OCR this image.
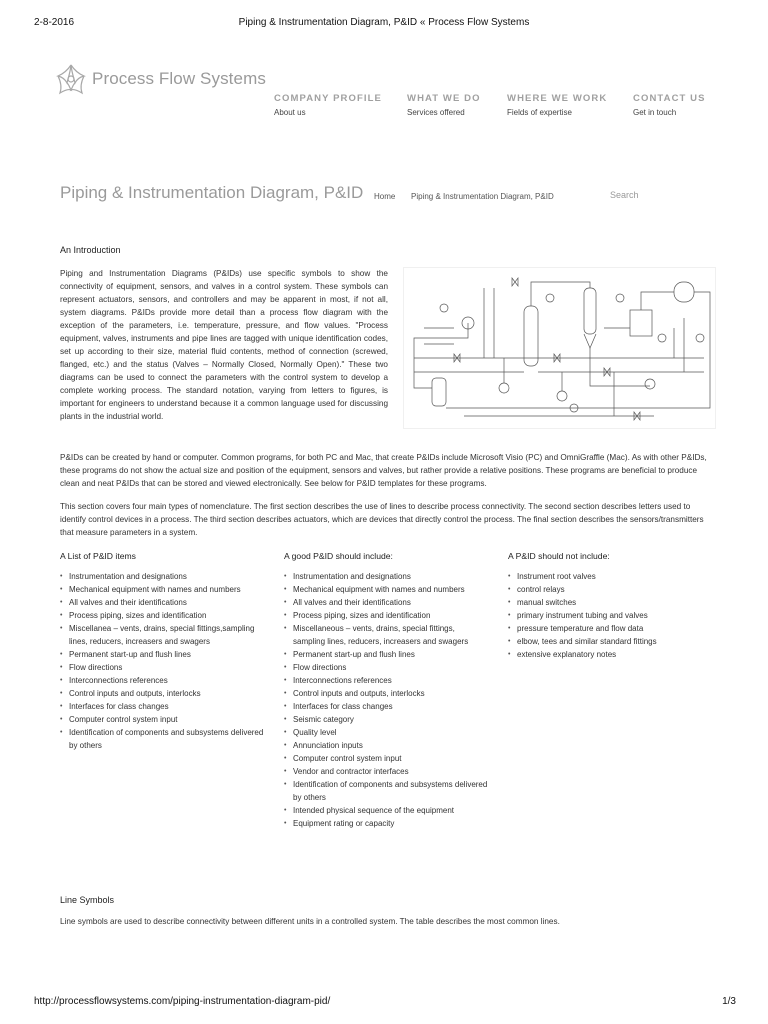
2-8-2016	Piping & Instrumentation Diagram, P&ID « Process Flow Systems
Process Flow Systems
COMPANY PROFILE
About us
WHAT WE DO
Services offered
WHERE WE WORK
Fields of expertise
CONTACT US
Get in touch
Piping & Instrumentation Diagram, P&ID Home Piping & Instrumentation Diagram, P&ID
Search
An Introduction

Piping and Instrumentation Diagrams (P&IDs) use specific symbols to show the connectivity of equipment, sensors, and valves in a control system. These symbols can represent actuators, sensors, and controllers and may be apparent in most, if not all, system diagrams. P&IDs provide more detail than a process flow diagram with the exception of the parameters, i.e. temperature, pressure, and flow values. "Process equipment, valves, instruments and pipe lines are tagged with unique identification codes, set up according to their size, material fluid contents, method of connection (screwed, flanged, etc.) and the status (Valves – Normally Closed, Normally Open)." These two diagrams can be used to connect the parameters with the control system to develop a complete working process. The standard notation, varying from letters to figures, is important for engineers to understand because it a common language used for discussing plants in the industrial world.

P&IDs can be created by hand or computer. Common programs, for both PC and Mac, that create P&IDs include Microsoft Visio (PC) and OmniGraffle (Mac). As with other P&IDs, these programs do not show the actual size and position of the equipment, sensors and valves, but rather provide a relative positions. These programs are beneficial to produce clean and neat P&IDs that can be stored and viewed electronically. See below for P&ID templates for these programs.

This section covers four main types of nomenclature. The first section describes the use of lines to describe process connectivity. The second section describes letters used to identify control devices in a process. The third section describes actuators, which are devices that directly control the process. The final section describes the sensors/transmitters that measure parameters in a system.

A List of P&ID items
• Instrumentation and designations
• Mechanical equipment with names and numbers
• All valves and their identifications
• Process piping, sizes and identification
• Miscellanea – vents, drains, special fittings,sampling lines, reducers, increasers and swagers
• Permanent start-up and flush lines
• Flow directions
• Interconnections references
• Control inputs and outputs, interlocks
• Interfaces for class changes
• Computer control system input
• Identification of components and subsystems delivered by others
A good P&ID should include:
• Instrumentation and designations
• Mechanical equipment with names and numbers
• All valves and their identifications
• Process piping, sizes and identification
• Miscellaneous – vents, drains, special fittings, sampling lines, reducers, increasers and swagers
• Permanent start-up and flush lines
• Flow directions
• Interconnections references
• Control inputs and outputs, interlocks
• Interfaces for class changes
• Seismic category
• Quality level
• Annunciation inputs
• Computer control system input
• Vendor and contractor interfaces
• Identification of components and subsystems delivered by others
• Intended physical sequence of the equipment
• Equipment rating or capacity
A P&ID should not include:
• Instrument root valves
• control relays
• manual switches
• primary instrument tubing and valves
• pressure temperature and flow data
• elbow, tees and similar standard fittings
• extensive explanatory notes
Line Symbols

Line symbols are used to describe connectivity between different units in a controlled system. The table describes the most common lines.

http://processflowsystems.com/piping-instrumentation-diagram-pid/	1/3
